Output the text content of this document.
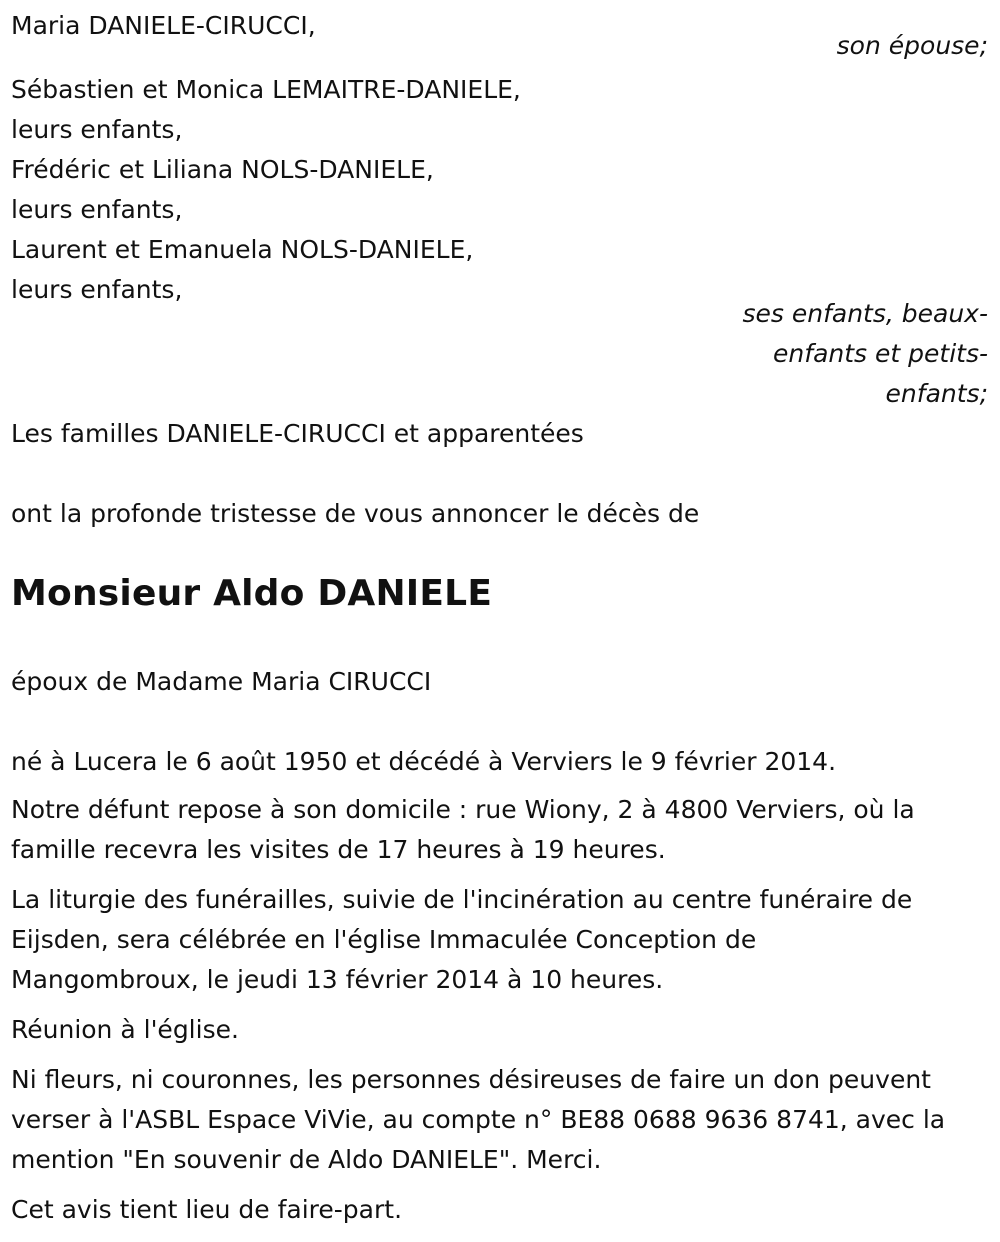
Maria DANIELE-CIRUCCI,
son épouse;
Sébastien et Monica LEMAITRE-DANIELE,
leurs enfants,
Frédéric et Liliana NOLS-DANIELE,
leurs enfants,
Laurent et Emanuela NOLS-DANIELE,
leurs enfants,
ses enfants, beaux-
enfants et petits-
enfants;
Les familles DANIELE-CIRUCCI et apparentées
ont la profonde tristesse de vous annoncer le décès de
Monsieur Aldo DANIELE
époux de Madame Maria CIRUCCI
né à Lucera le 6 août 1950 et décédé à Verviers le 9 février 2014.
Notre défunt repose à son domicile : rue Wiony, 2 à 4800 Verviers, où la
famille recevra les visites de 17 heures à 19 heures.
La liturgie des funérailles, suivie de l'incinération au centre funéraire de
Eijsden, sera célébrée en l'église Immaculée Conception de
Mangombroux, le jeudi 13 février 2014 à 10 heures.
Réunion à l'église.
Ni fleurs, ni couronnes, les personnes désireuses de faire un don peuvent
verser à l'ASBL Espace ViVie, au compte n° BE88 0688 9636 8741, avec la
mention "En souvenir de Aldo DANIELE". Merci.
Cet avis tient lieu de faire-part.
